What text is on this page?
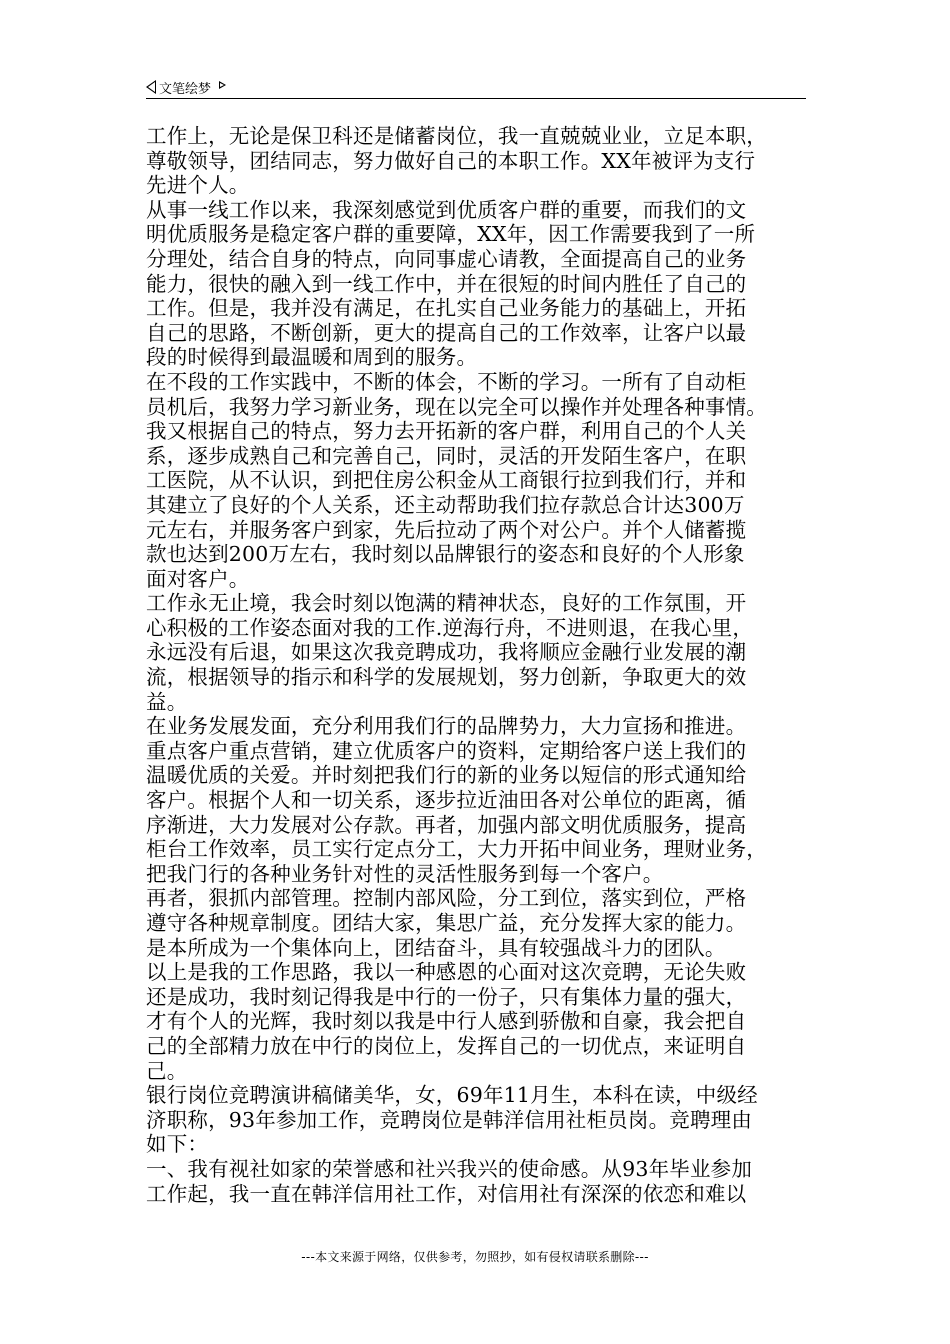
文笔绘梦
工作上，无论是保卫科还是储蓄岗位，我一直兢兢业业，立足本职，
尊敬领导，团结同志，努力做好自己的本职工作。XX年被评为支行
先进个人。
从事一线工作以来，我深刻感觉到优质客户群的重要，而我们的文
明优质服务是稳定客户群的重要障，XX年，因工作需要我到了一所
分理处，结合自身的特点，向同事虚心请教，全面提高自己的业务
能力，很快的融入到一线工作中，并在很短的时间内胜任了自己的
工作。但是，我并没有满足，在扎实自己业务能力的基础上，开拓
自己的思路，不断创新，更大的提高自己的工作效率，让客户以最
段的时候得到最温暖和周到的服务。
在不段的工作实践中，不断的体会，不断的学习。一所有了自动柜
员机后，我努力学习新业务，现在以完全可以操作并处理各种事情。
我又根据自己的特点，努力去开拓新的客户群，利用自己的个人关
系，逐步成熟自己和完善自己，同时，灵活的开发陌生客户，在职
工医院，从不认识，到把住房公积金从工商银行拉到我们行，并和
其建立了良好的个人关系，还主动帮助我们拉存款总合计达300万
元左右，并服务客户到家，先后拉动了两个对公户。并个人储蓄揽
款也达到200万左右，我时刻以品牌银行的姿态和良好的个人形象
面对客户。
工作永无止境，我会时刻以饱满的精神状态，良好的工作氛围，开
心积极的工作姿态面对我的工作.逆海行舟，不进则退，在我心里，
永远没有后退，如果这次我竞聘成功，我将顺应金融行业发展的潮
流，根据领导的指示和科学的发展规划，努力创新，争取更大的效
益。
在业务发展发面，充分利用我们行的品牌势力，大力宣扬和推进。
重点客户重点营销，建立优质客户的资料，定期给客户送上我们的
温暖优质的关爱。并时刻把我们行的新的业务以短信的形式通知给
客户。根据个人和一切关系，逐步拉近油田各对公单位的距离，循
序渐进，大力发展对公存款。再者，加强内部文明优质服务，提高
柜台工作效率，员工实行定点分工，大力开拓中间业务，理财业务，
把我门行的各种业务针对性的灵活性服务到每一个客户。
再者，狠抓内部管理。控制内部风险，分工到位，落实到位，严格
遵守各种规章制度。团结大家，集思广益，充分发挥大家的能力。
是本所成为一个集体向上，团结奋斗，具有较强战斗力的团队。
以上是我的工作思路，我以一种感恩的心面对这次竞聘，无论失败
还是成功，我时刻记得我是中行的一份子，只有集体力量的强大，
才有个人的光辉，我时刻以我是中行人感到骄傲和自豪，我会把自
己的全部精力放在中行的岗位上，发挥自己的一切优点，来证明自
己。
银行岗位竞聘演讲稿储美华，女，69年11月生，本科在读，中级经
济职称，93年参加工作，竞聘岗位是韩洋信用社柜员岗。竞聘理由
如下：
一、我有视社如家的荣誉感和社兴我兴的使命感。从93年毕业参加
工作起，我一直在韩洋信用社工作，对信用社有深深的依恋和难以
---本文来源于网络，仅供参考，勿照抄，如有侵权请联系删除---
